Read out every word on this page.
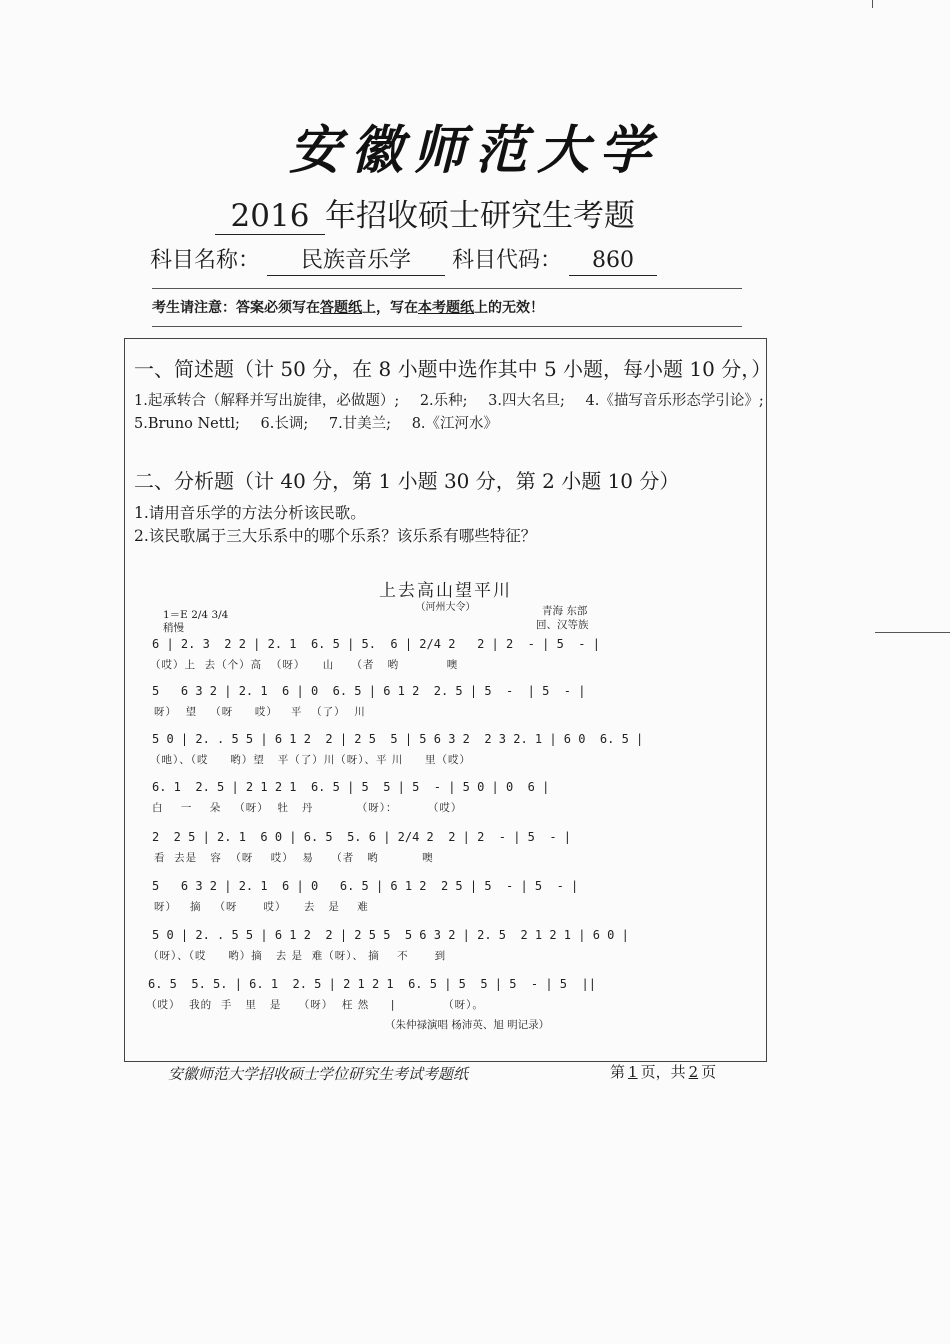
安徽师范大学
2016 年招收硕士研究生考题
科目名称： 民族音乐学 科目代码： 860
考生请注意：答案必须写在答题纸上，写在本考题纸上的无效！
一、简述题（计 50 分，在 8 小题中选作其中 5 小题，每小题 10 分，）
1.起承转合（解释并写出旋律，必做题）; 2.乐种; 3.四大名旦; 4.《描写音乐形态学引论》;
5.Bruno Nettl; 6.长调; 7.甘美兰; 8.《江河水》
二、分析题（计 40 分，第 1 小题 30 分，第 2 小题 10 分）
1.请用音乐学的方法分析该民歌。
2.该民歌属于三大乐系中的哪个乐系？该乐系有哪些特征？
上去高山望平川
（河州大令）
1＝E 2/4 3/4
稍慢
青海 东部
回、汉等族
6 | 2. 3  2 2 | 2. 1  6. 5 | 5.  6 | 2/4 2   2 | 2  - | 5  - |
（哎）上  去（个）高  （呀）    山    （者   哟           噢
5   6 3 2 | 2. 1  6 | 0  6. 5 | 6 1 2  2. 5 | 5  -  | 5  - |
呀）  望   （呀     哎）   平  （了）  川
5 0 | 2. . 5 5 | 6 1 2  2 | 2 5  5 | 5 6 3 2  2 3 2. 1 | 6 0  6. 5 |
（吔）、（哎     哟）望   平（了）川（呀）、平 川     里（哎）
6. 1  2. 5 | 2 1 2 1  6. 5 | 5  5 | 5  - | 5 0 | 0  6 |
白    一    朵   （呀）  牡   丹          （呀）：       （哎）
2  2 5 | 2. 1  6 0 | 6. 5  5. 6 | 2/4 2  2 | 2  - | 5  - |
看  去是   容  （呀    哎）  易    （者   哟          噢
5   6 3 2 | 2. 1  6 | 0   6. 5 | 6 1 2  2 5 | 5  - | 5  - |
呀）   摘   （呀      哎）    去   是    难
5 0 | 2. . 5 5 | 6 1 2  2 | 2 5 5  5 6 3 2 | 2. 5  2 1 2 1 | 6 0 |
（呀）、（哎     哟）摘   去 是  难（呀）、 摘    不      到
6. 5  5. 5. | 6. 1  2. 5 | 2 1 2 1  6. 5 | 5  5 | 5  - | 5  ||
（哎）  我的  手   里   是    （呀）  枉 然     |           （呀）。
（朱仲禄演唱 杨沛英、旭 明记录）
安徽师范大学招收硕士学位研究生考试考题纸	第 1 页，共 2 页
